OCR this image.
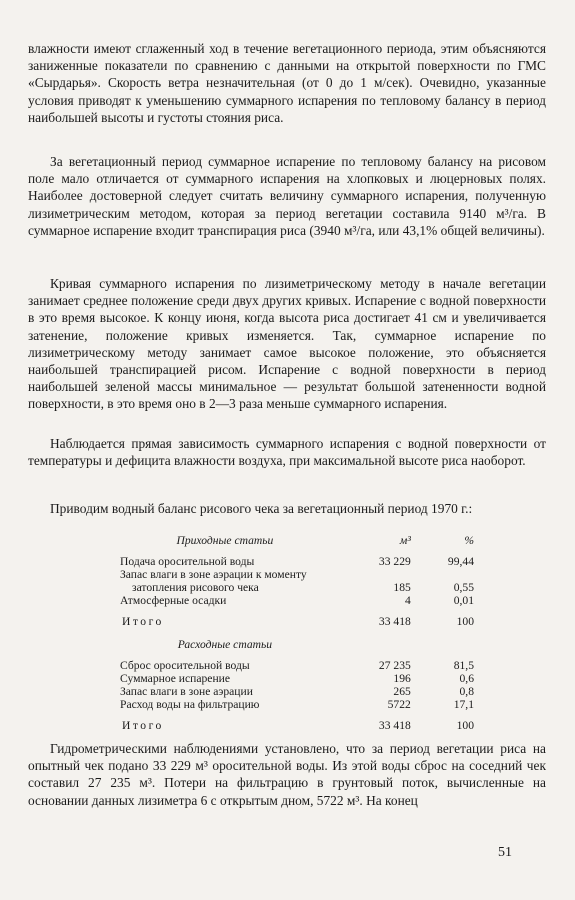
влажности имеют сглаженный ход в течение вегетационного периода, этим объясняются заниженные показатели по сравнению с данными на открытой поверхности по ГМС «Сырдарья». Скорость ветра незначительная (от 0 до 1 м/сек). Очевидно, указанные условия приводят к уменьшению суммарного испарения по тепловому балансу в период наибольшей высоты и густоты стояния риса.

За вегетационный период суммарное испарение по тепловому балансу на рисовом поле мало отличается от суммарного испарения на хлопковых и люцерновых полях. Наиболее достоверной следует считать величину суммарного испарения, полученную лизиметрическим методом, которая за период вегетации составила 9140 м³/га. В суммарное испарение входит транспирация риса (3940 м³/га, или 43,1% общей величины).

Кривая суммарного испарения по лизиметрическому методу в начале вегетации занимает среднее положение среди двух других кривых. Испарение с водной поверхности в это время высокое. К концу июня, когда высота риса достигает 41 см и увеличивается затенение, положение кривых изменяется. Так, суммарное испарение по лизиметрическому методу занимает самое высокое положение, это объясняется наибольшей транспирацией рисом. Испарение с водной поверхности в период наибольшей зеленой массы минимальное — результат большой затененности водной поверхности, в это время оно в 2—3 раза меньше суммарного испарения.

Наблюдается прямая зависимость суммарного испарения с водной поверхности от температуры и дефицита влажности воздуха, при максимальной высоте риса наоборот.

Приводим водный баланс рисового чека за вегетационный период 1970 г.:

Приходные статьи	м³	%

Подача оросительной воды	33 229	99,44

Запас влаги в зоне аэрации к моменту затопления рисового чека	185	0,55

Атмосферные осадки	4	0,01

Итого	33 418	100
Расходные статьи		

Сброс оросительной воды	27 235	81,5

Суммарное испарение	196	0,6

Запас влаги в зоне аэрации	265	0,8

Расход воды на фильтрацию	5722	17,1

Итого	33 418	100

Гидрометрическими наблюдениями установлено, что за период вегетации риса на опытный чек подано 33 229 м³ оросительной воды. Из этой воды сброс на соседний чек составил 27 235 м³. Потери на фильтрацию в грунтовый поток, вычисленные на основании данных лизиметра 6 с открытым дном, 5722 м³. На конец

51
